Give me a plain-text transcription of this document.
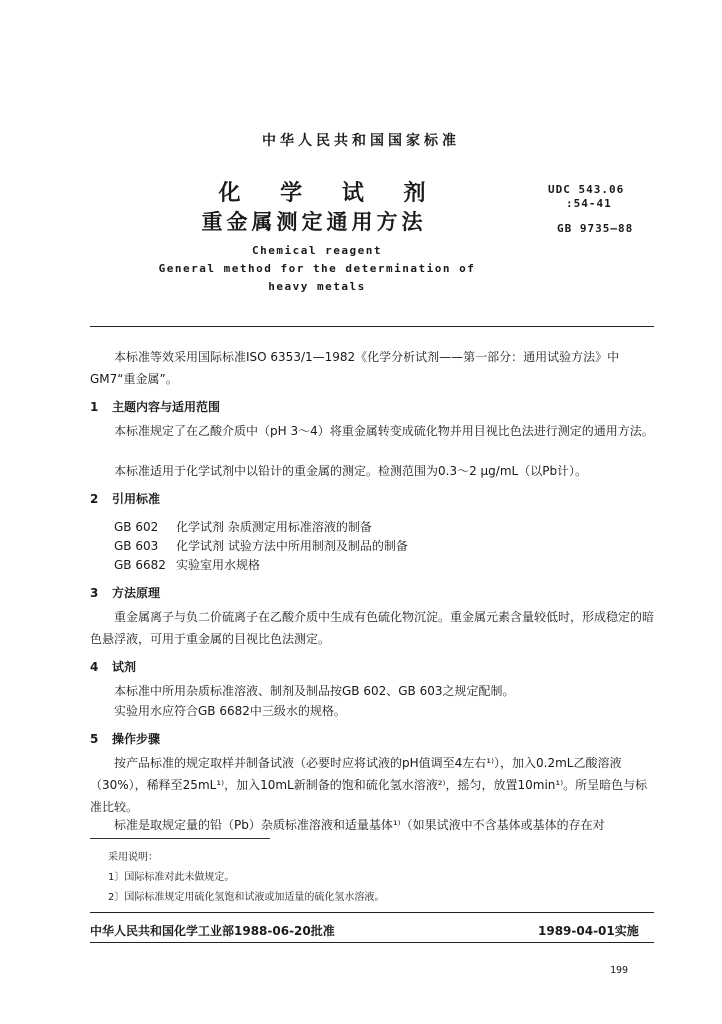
中华人民共和国国家标准
化 学 试 剂
重金属测定通用方法
UDC 543.06
:54-41
GB 9735—88
Chemical reagent
General method for the determination of
heavy metals
本标准等效采用国际标准ISO 6353/1—1982《化学分析试剂——第一部分：通用试验方法》中GM7“重金属”。
1 主题内容与适用范围
本标准规定了在乙酸介质中（pH 3～4）将重金属转变成硫化物并用目视比色法进行测定的通用方法。
本标准适用于化学试剂中以铅计的重金属的测定。检测范围为0.3～2 μg/mL（以Pb计）。
2 引用标准
GB 602 化学试剂 杂质测定用标准溶液的制备
GB 603 化学试剂 试验方法中所用制剂及制品的制备
GB 6682 实验室用水规格
3 方法原理
重金属离子与负二价硫离子在乙酸介质中生成有色硫化物沉淀。重金属元素含量较低时，形成稳定的暗色悬浮液，可用于重金属的目视比色法测定。
4 试剂
本标准中所用杂质标准溶液、制剂及制品按GB 602、GB 603之规定配制。
实验用水应符合GB 6682中三级水的规格。
5 操作步骤
按产品标准的规定取样并制备试液（必要时应将试液的pH值调至4左右¹⁾），加入0.2mL乙酸溶液（30%），稀释至25mL¹⁾，加入10mL新制备的饱和硫化氢水溶液²⁾，摇匀，放置10min¹⁾。所呈暗色与标准比较。
标准是取规定量的铅（Pb）杂质标准溶液和适量基体¹⁾（如果试液中不含基体或基体的存在对
采用说明：
1〕国际标准对此未做规定。
2〕国际标准规定用硫化氢饱和试液或加适量的硫化氢水溶液。
中华人民共和国化学工业部1988-06-20批准	1989-04-01实施
199
